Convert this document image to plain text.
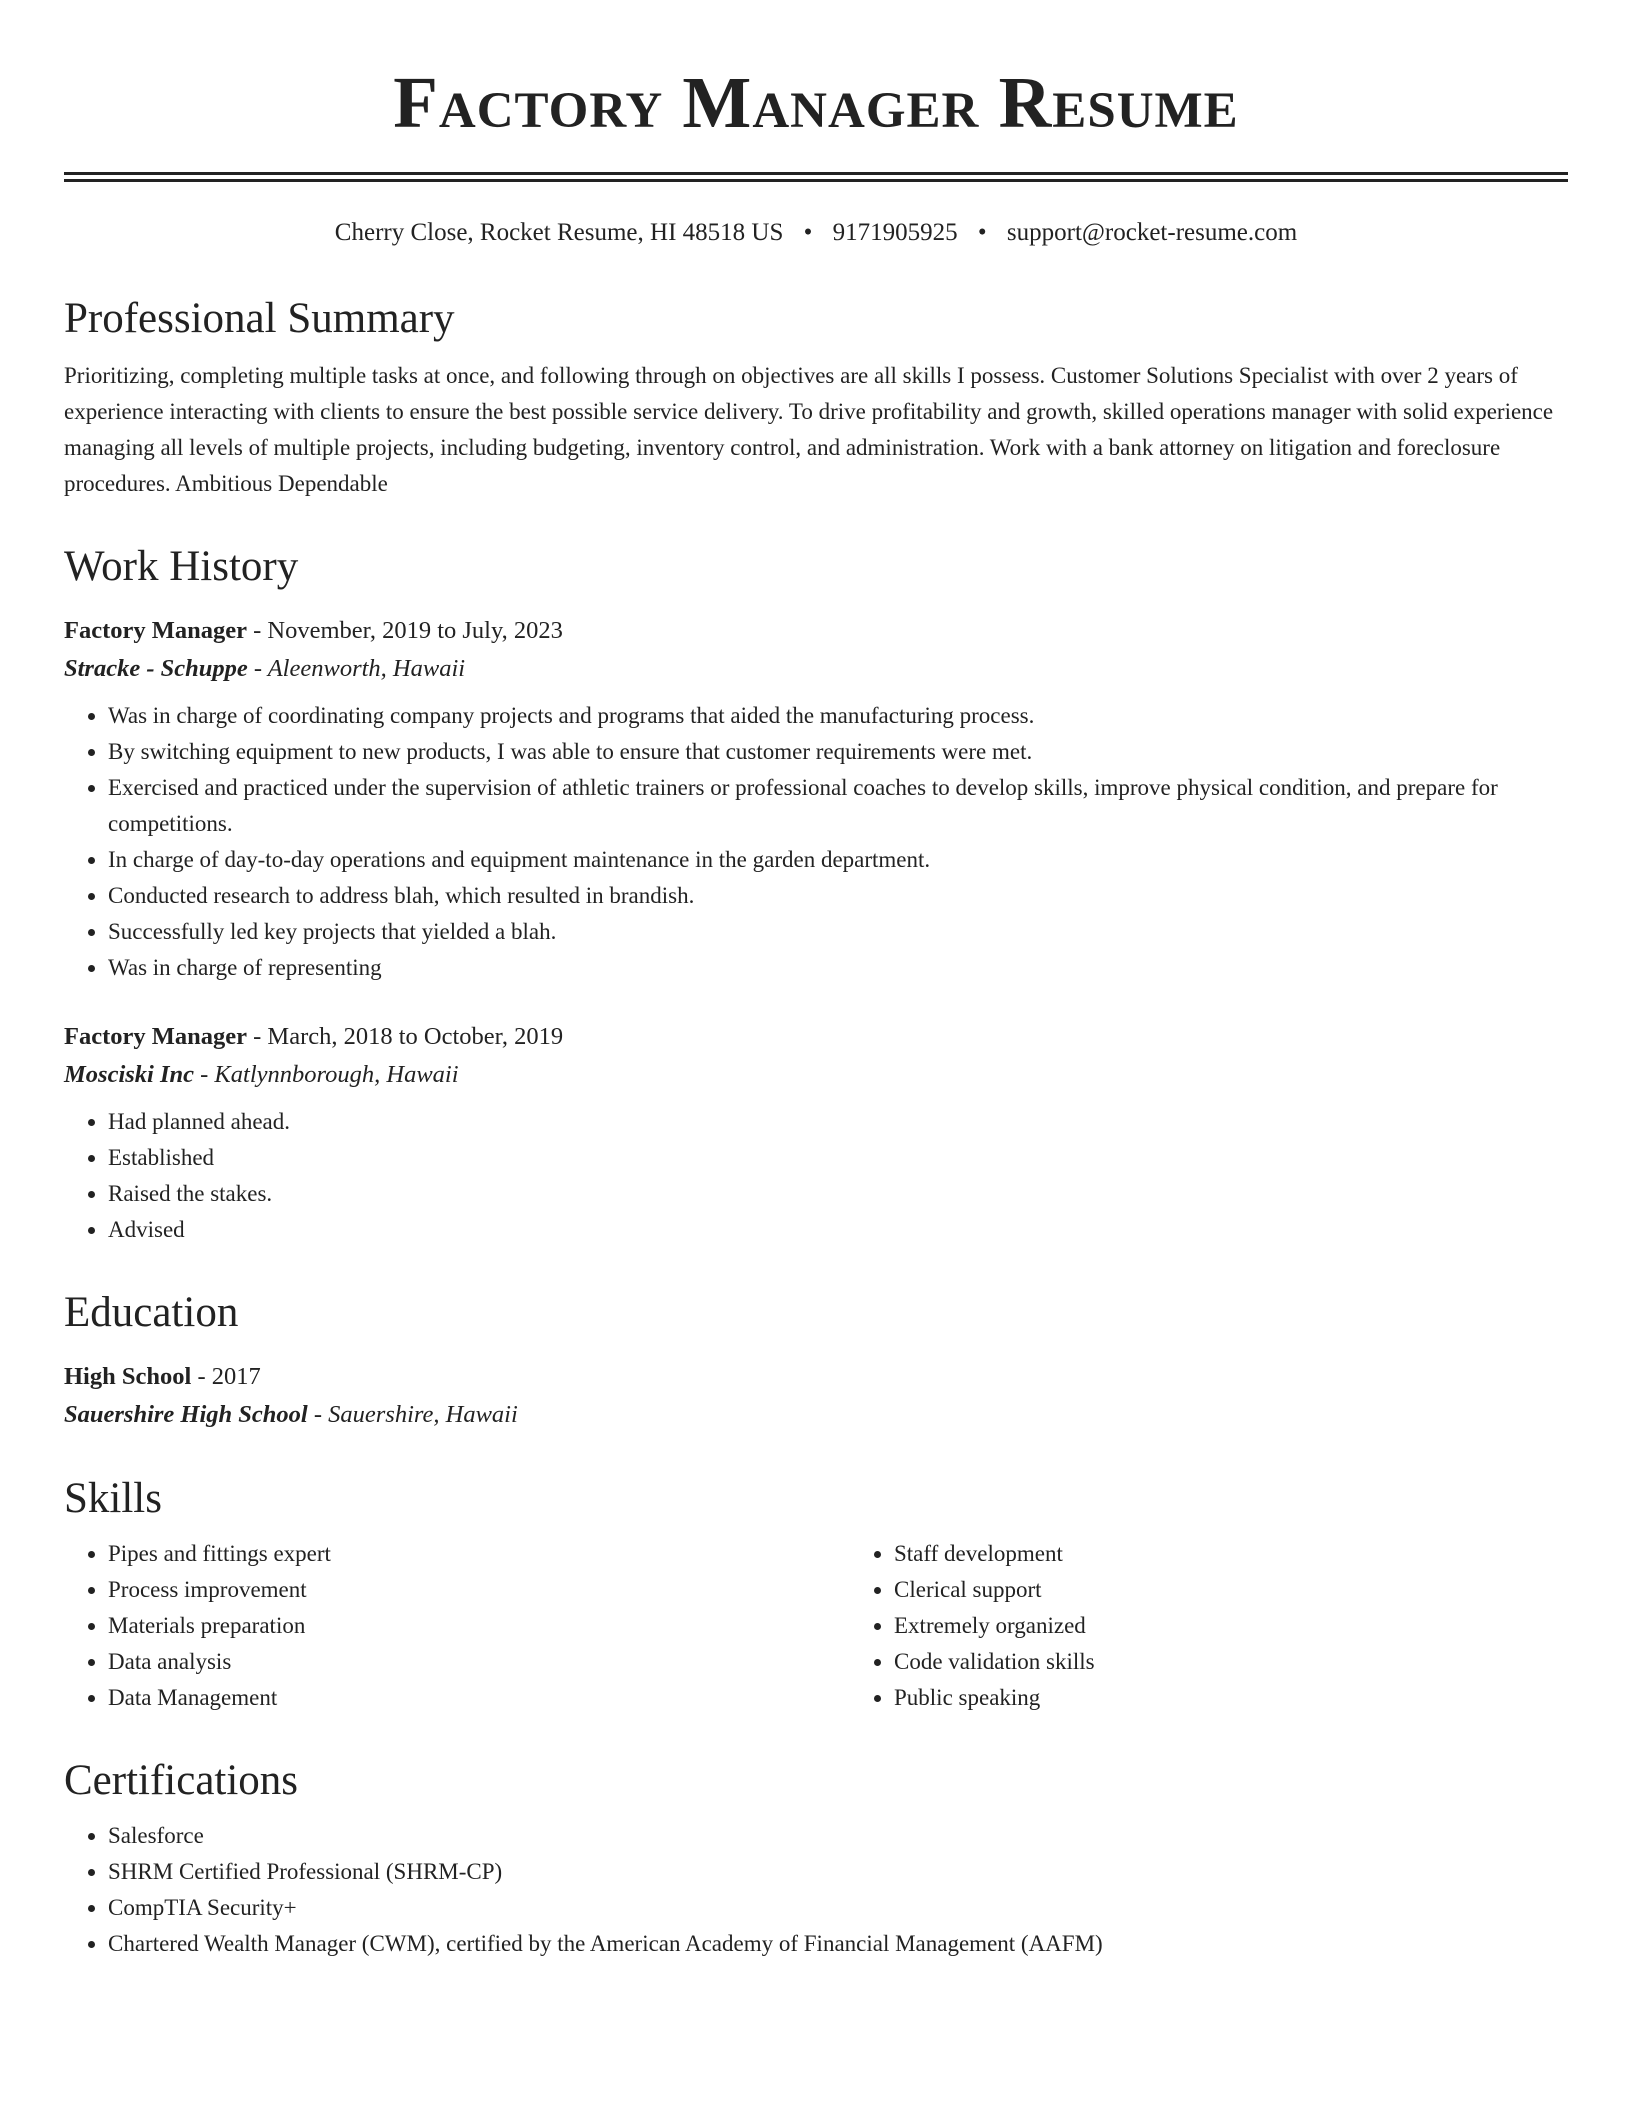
Factory Manager Resume
Cherry Close, Rocket Resume, HI 48518 US • 9171905925 • support@rocket-resume.com
Professional Summary
Prioritizing, completing multiple tasks at once, and following through on objectives are all skills I possess. Customer Solutions Specialist with over 2 years of experience interacting with clients to ensure the best possible service delivery. To drive profitability and growth, skilled operations manager with solid experience managing all levels of multiple projects, including budgeting, inventory control, and administration. Work with a bank attorney on litigation and foreclosure procedures. Ambitious Dependable
Work History
Factory Manager - November, 2019 to July, 2023
Stracke - Schuppe - Aleenworth, Hawaii
• Was in charge of coordinating company projects and programs that aided the manufacturing process.
• By switching equipment to new products, I was able to ensure that customer requirements were met.
• Exercised and practiced under the supervision of athletic trainers or professional coaches to develop skills, improve physical condition, and prepare for competitions.
• In charge of day-to-day operations and equipment maintenance in the garden department.
• Conducted research to address blah, which resulted in brandish.
• Successfully led key projects that yielded a blah.
• Was in charge of representing
Factory Manager - March, 2018 to October, 2019
Mosciski Inc - Katlynnborough, Hawaii
• Had planned ahead.
• Established
• Raised the stakes.
• Advised
Education
High School - 2017
Sauershire High School - Sauershire, Hawaii
Skills
• Pipes and fittings expert
• Process improvement
• Materials preparation
• Data analysis
• Data Management
• Staff development
• Clerical support
• Extremely organized
• Code validation skills
• Public speaking
Certifications
• Salesforce
• SHRM Certified Professional (SHRM-CP)
• CompTIA Security+
• Chartered Wealth Manager (CWM), certified by the American Academy of Financial Management (AAFM)
